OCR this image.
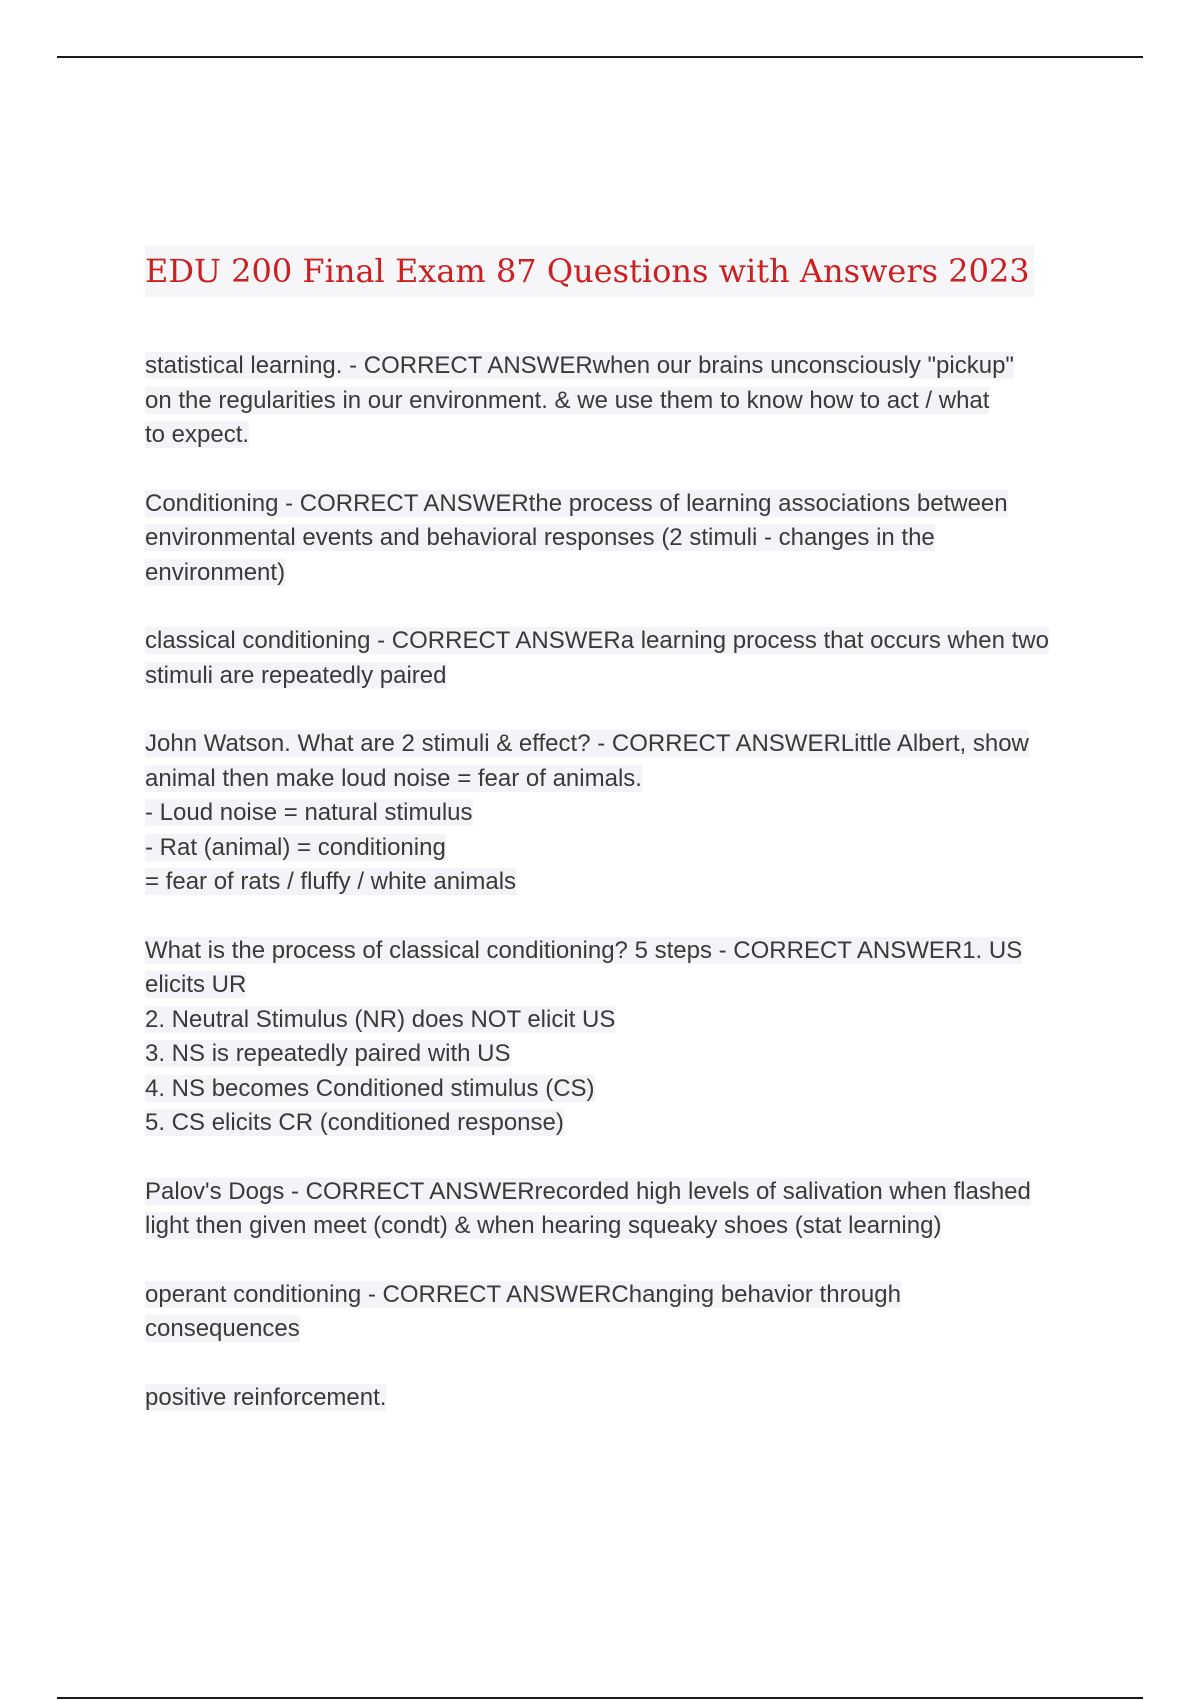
EDU 200 Final Exam 87 Questions with Answers 2023
statistical learning. - CORRECT ANSWERwhen our brains unconsciously "pickup"
on the regularities in our environment. & we use them to know how to act / what
to expect.
Conditioning - CORRECT ANSWERthe process of learning associations between
environmental events and behavioral responses (2 stimuli - changes in the
environment)
classical conditioning - CORRECT ANSWERa learning process that occurs when two
stimuli are repeatedly paired
John Watson. What are 2 stimuli & effect? - CORRECT ANSWERLittle Albert, show
animal then make loud noise = fear of animals.
- Loud noise = natural stimulus
- Rat (animal) = conditioning
= fear of rats / fluffy / white animals
What is the process of classical conditioning? 5 steps - CORRECT ANSWER1. US
elicits UR
2. Neutral Stimulus (NR) does NOT elicit US
3. NS is repeatedly paired with US
4. NS becomes Conditioned stimulus (CS)
5. CS elicits CR (conditioned response)
Palov's Dogs - CORRECT ANSWERrecorded high levels of salivation when flashed
light then given meet (condt) & when hearing squeaky shoes (stat learning)
operant conditioning - CORRECT ANSWERChanging behavior through
consequences
positive reinforcement.
